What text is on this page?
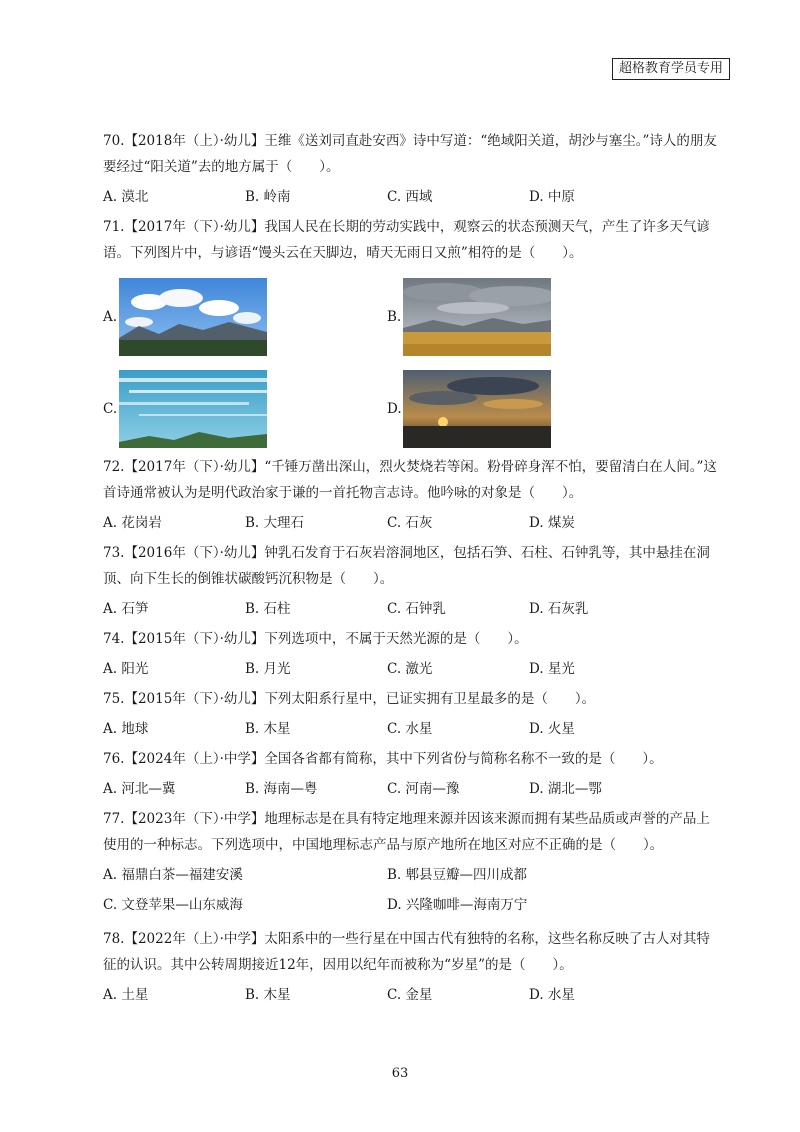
超格教育学员专用

70.【2018年（上）·幼儿】王维《送刘司直赴安西》诗中写道：“绝域阳关道，胡沙与塞尘。”诗人的朋友要经过“阳关道”去的地方属于（　　）。

A. 漠北	B. 岭南	C. 西域	D. 中原

71.【2017年（下）·幼儿】我国人民在长期的劳动实践中，观察云的状态预测天气，产生了许多天气谚语。下列图片中，与谚语“馒头云在天脚边，晴天无雨日又煎”相符的是（　　）。

A.	B.
C.	D.

72.【2017年（下）·幼儿】“千锤万凿出深山，烈火焚烧若等闲。粉骨碎身浑不怕，要留清白在人间。”这首诗通常被认为是明代政治家于谦的一首托物言志诗。他吟咏的对象是（　　）。

A. 花岗岩	B. 大理石	C. 石灰	D. 煤炭

73.【2016年（下）·幼儿】钟乳石发育于石灰岩溶洞地区，包括石笋、石柱、石钟乳等，其中悬挂在洞顶、向下生长的倒锥状碳酸钙沉积物是（　　）。

A. 石笋	B. 石柱	C. 石钟乳	D. 石灰乳

74.【2015年（下）·幼儿】下列选项中，不属于天然光源的是（　　）。

A. 阳光	B. 月光	C. 激光	D. 星光

75.【2015年（下）·幼儿】下列太阳系行星中，已证实拥有卫星最多的是（　　）。

A. 地球	B. 木星	C. 水星	D. 火星

76.【2024年（上）·中学】全国各省都有简称，其中下列省份与简称名称不一致的是（　　）。

A. 河北—冀	B. 海南—粤	C. 河南—豫	D. 湖北—鄂

77.【2023年（下）·中学】地理标志是在具有特定地理来源并因该来源而拥有某些品质或声誉的产品上使用的一种标志。下列选项中，中国地理标志产品与原产地所在地区对应不正确的是（　　）。

A. 福鼎白茶—福建安溪	B. 郫县豆瓣—四川成都
C. 文登苹果—山东威海	D. 兴隆咖啡—海南万宁

78.【2022年（上）·中学】太阳系中的一些行星在中国古代有独特的名称，这些名称反映了古人对其特征的认识。其中公转周期接近12年，因用以纪年而被称为“岁星”的是（　　）。

A. 土星	B. 木星	C. 金星	D. 水星
63
